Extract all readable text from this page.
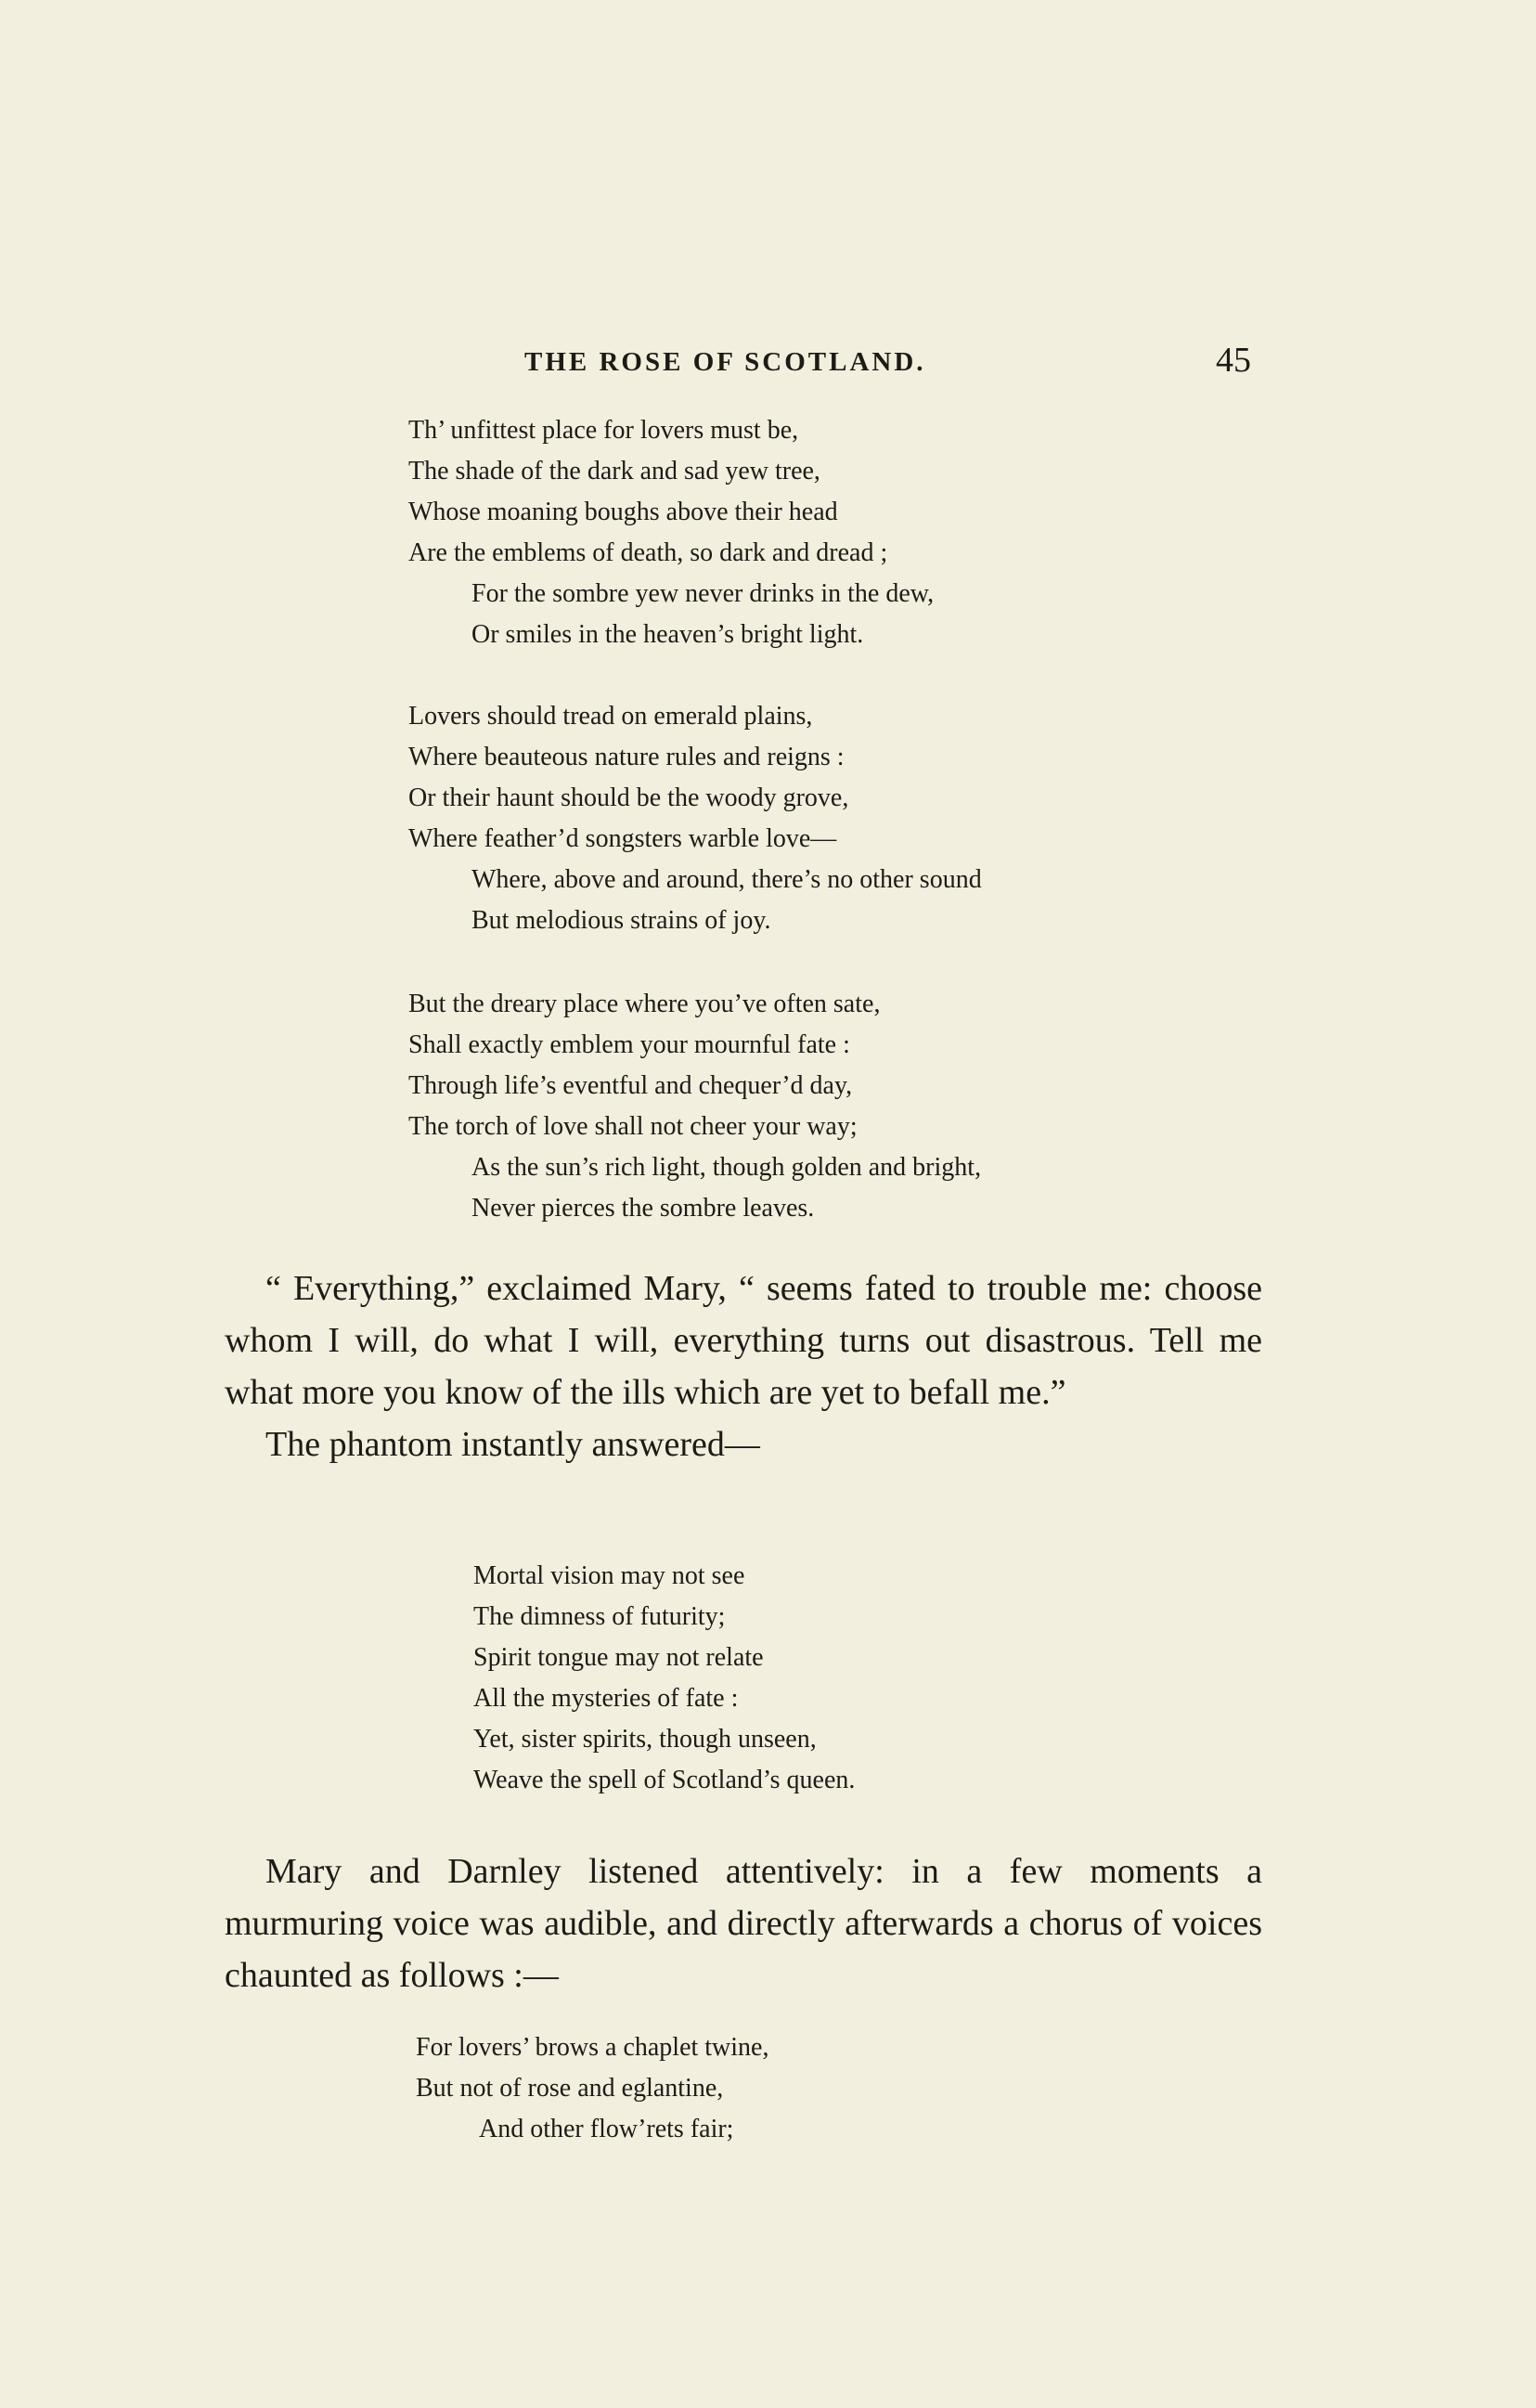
THE ROSE OF SCOTLAND.	45
Th’ unfittest place for lovers must be,
The shade of the dark and sad yew tree,
Whose moaning boughs above their head
Are the emblems of death, so dark and dread ;
For the sombre yew never drinks in the dew,
Or smiles in the heaven’s bright light.
Lovers should tread on emerald plains,
Where beauteous nature rules and reigns :
Or their haunt should be the woody grove,
Where feather’d songsters warble love—
Where, above and around, there’s no other sound
But melodious strains of joy.
But the dreary place where you’ve often sate,
Shall exactly emblem your mournful fate :
Through life’s eventful and chequer’d day,
The torch of love shall not cheer your way;
As the sun’s rich light, though golden and bright,
Never pierces the sombre leaves.

“ Everything,” exclaimed Mary, “ seems fated to trouble me: choose whom I will, do what I will, everything turns out disastrous. Tell me what more you know of the ills which are yet to befall me.”

The phantom instantly answered—

Mortal vision may not see
The dimness of futurity;
Spirit tongue may not relate
All the mysteries of fate :
Yet, sister spirits, though unseen,
Weave the spell of Scotland’s queen.

Mary and Darnley listened attentively: in a few moments a murmuring voice was audible, and directly afterwards a chorus of voices chaunted as follows :—

For lovers’ brows a chaplet twine,
But not of rose and eglantine,
And other flow’rets fair;
